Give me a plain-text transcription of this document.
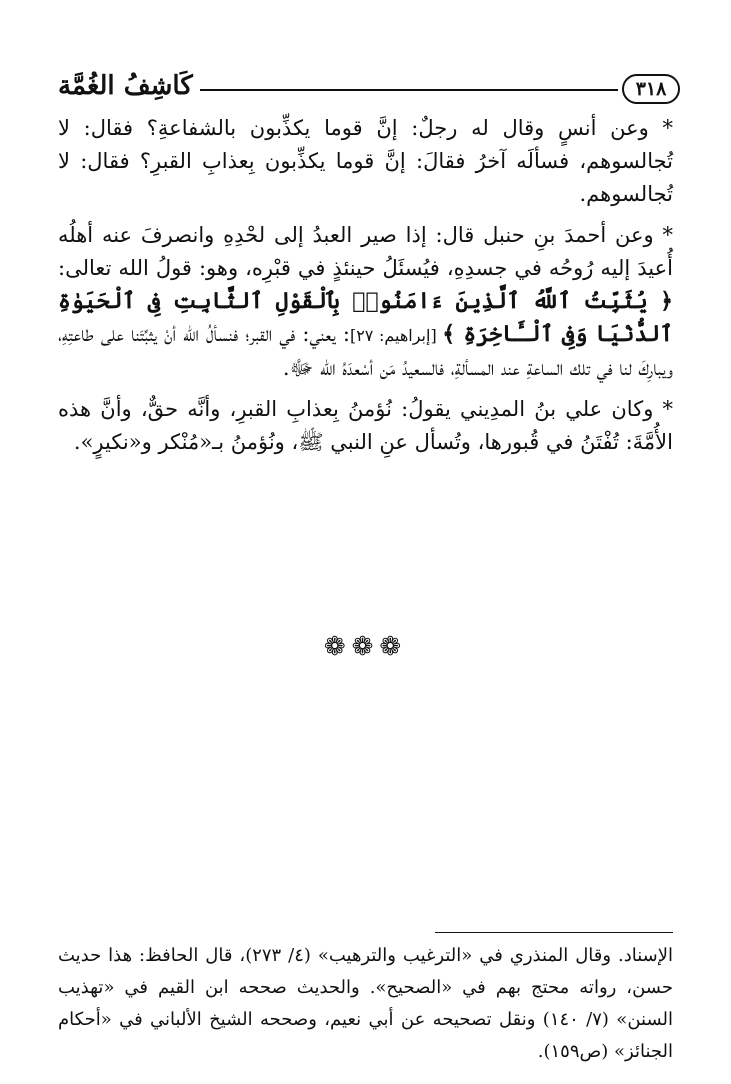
٣١٨
كَاشِفُ الغُمَّة

* وعن أنسٍ وقال له رجلٌ: إنَّ قوما يكذِّبون بالشفاعةِ؟ فقال: لا تُجالسوهم، فسألَه آخرُ فقالَ: إنَّ قوما يكذِّبون بِعذابِ القبرِ؟ فقال: لا تُجالسوهم.

* وعن أحمدَ بنِ حنبل قال: إذا صير العبدُ إلى لحْدِهِ وانصرفَ عنه أهلُه أُعيدَ إليه رُوحُه في جسدِهِ، فيُسئَلُ حينئذٍ في قبْرِه، وهو: قولُ الله تعالى: ﴿ يُثَبِّتُ ٱللَّهُ ٱلَّذِينَ ءَامَنُوا۟ بِٱلْقَوْلِ ٱلثَّابِتِ فِى ٱلْحَيَوٰةِ ٱلدُّنْيَا وَفِى ٱلْـَٔاخِرَةِ ﴾ [إبراهيم: ٢٧]: يعني: في القبر؛ فنسألُ الله أنْ يثبِّتَنا على طاعتِهِ، ويبارِكَ لنا في تلك الساعةِ عند المسألةِ، فالسعيدُ مَن أسْعدَهُ الله ﷻ.

* وكان علي بنُ المدِيني يقولُ: نُؤمنُ بِعذابِ القبرِ، وأنَّه حقٌّ، وأنَّ هذه الأُمَّةَ: تُفْتَنُ في قُبورها، وتُسأل عنِ النبي ﷺ، ونُؤمنُ بـ«مُنْكر و«نكيرٍ».

❁❁❁
الإسناد. وقال المنذري في «الترغيب والترهيب» (٤/ ٢٧٣)، قال الحافظ: هذا حديث حسن، رواته محتج بهم في «الصحيح». والحديث صححه ابن القيم في «تهذيب السنن» (٧/ ١٤٠) ونقل تصحيحه عن أبي نعيم، وصححه الشيخ الألباني في «أحكام الجنائز» (ص١٥٩).
